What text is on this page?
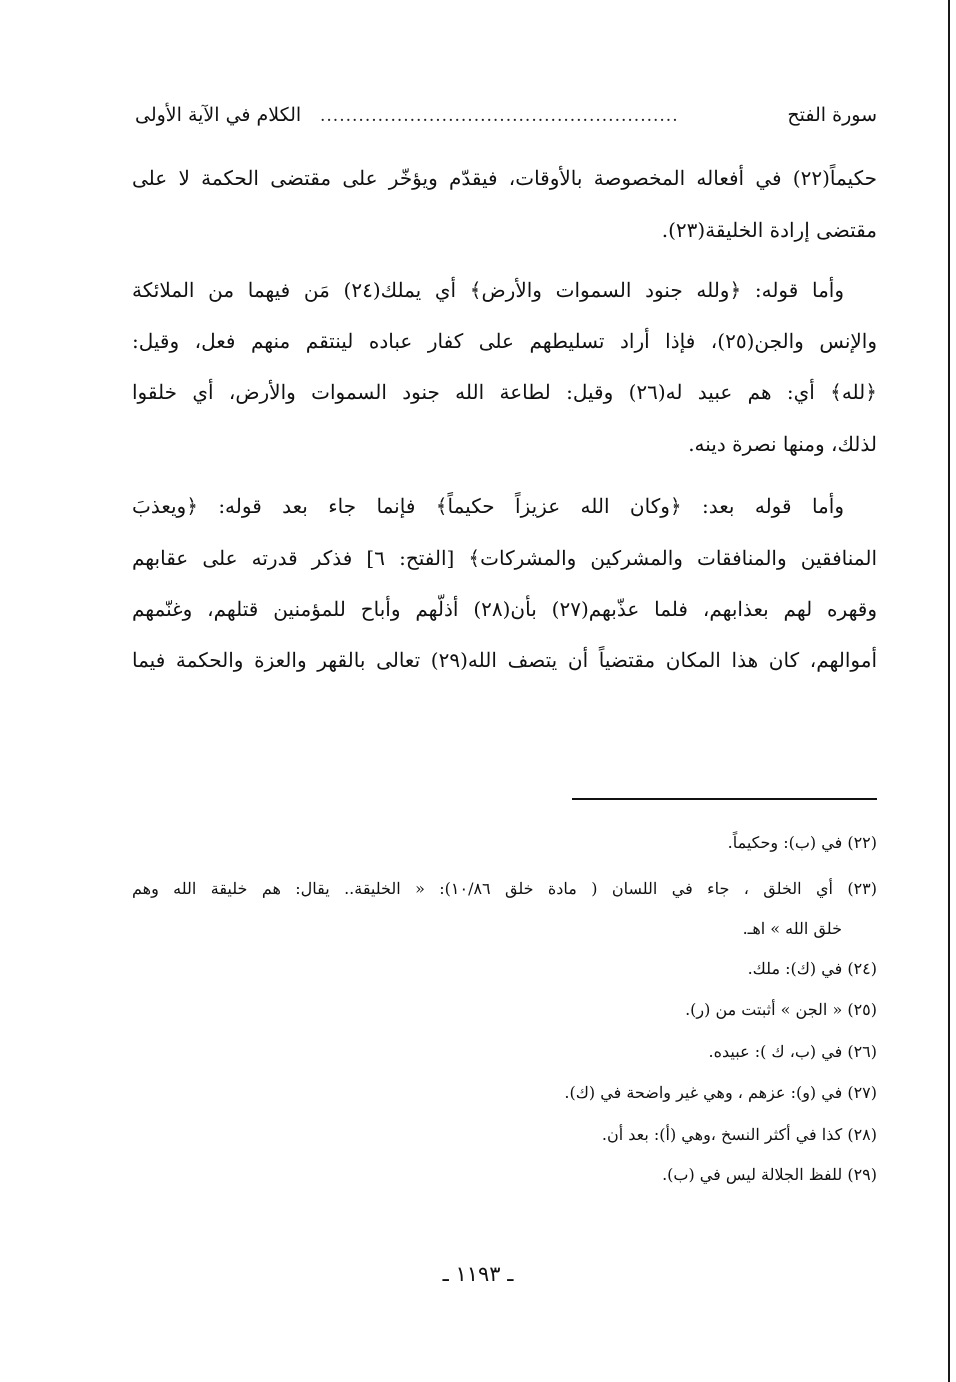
سورة الفتح
........................................................
الكلام في الآية الأولى
حكيماً(٢٢) في أفعاله المخصوصة بالأوقات، فيقدّم ويؤخّر على مقتضى الحكمة لا على
مقتضى إرادة الخليقة(٢٣).
وأما قوله: ﴿ولله جنود السموات والأرض﴾ أي يملك(٢٤) مَن فيهما من الملائكة
والإنس والجن(٢٥)، فإذا أراد تسليطهم على كفار عباده لينتقم منهم فعل، وقيل:
﴿لله﴾ أي: هم عبيد له(٢٦) وقيل: لطاعة الله جنود السموات والأرض، أي خلقوا
لذلك، ومنها نصرة دينه.
وأما قوله بعد: ﴿وكان الله عزيزاً حكيماً﴾ فإنما جاء بعد قوله: ﴿ويعذبَ
المنافقين والمنافقات والمشركين والمشركات﴾ [الفتح: ٦] فذكر قدرته على عقابهم
وقهره لهم بعذابهم، فلما عذّبهم(٢٧) بأن(٢٨) أذلّهم وأباح للمؤمنين قتلهم، وغنّمهم
أموالهم، كان هذا المكان مقتضياً أن يتصف الله(٢٩) تعالى بالقهر والعزة والحكمة فيما
(٢٢) في (ب): وحكيماً.
(٢٣) أي الخلق ، جاء في اللسان ( مادة خلق ١٠/٨٦): « الخليقة.. يقال: هم خليقة الله وهم
خلق الله » اهـ.
(٢٤) في (ك): ملك.
(٢٥) « الجن » أثبتت من (ر).
(٢٦) في (ب، ك ): عبيده.
(٢٧) في (و): عزهم ، وهي غير واضحة في (ك).
(٢٨) كذا في أكثر النسخ ،وهي (أ): بعد أن.
(٢٩) للفظ الجلالة ليس في (ب).
ـ ١١٩٣ ـ
